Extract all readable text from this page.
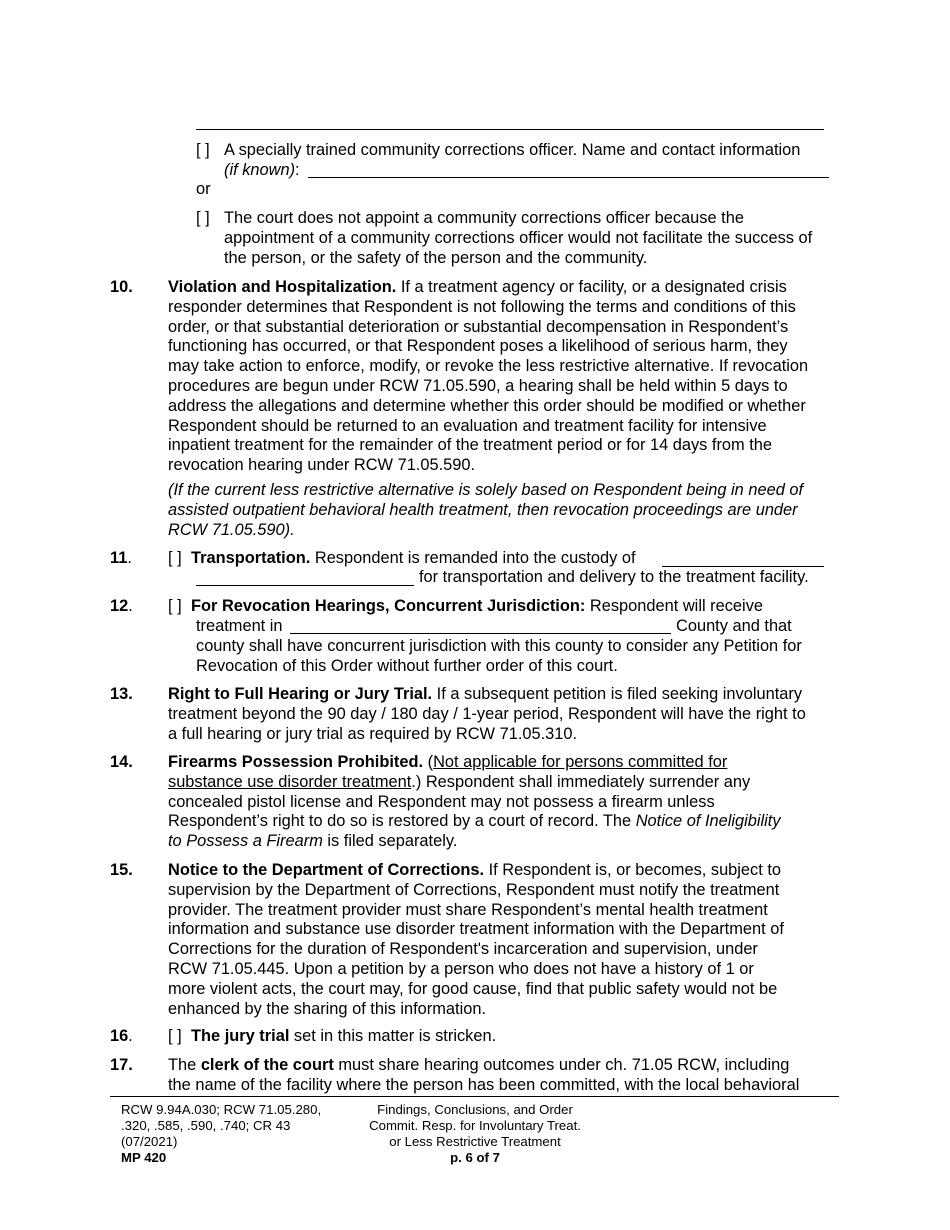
[ ] A specially trained community corrections officer. Name and contact information
(if known):
or
[ ] The court does not appoint a community corrections officer because the
appointment of a community corrections officer would not facilitate the success of
the person, or the safety of the person and the community.
10. Violation and Hospitalization. If a treatment agency or facility, or a designated crisis
responder determines that Respondent is not following the terms and conditions of this
order, or that substantial deterioration or substantial decompensation in Respondent’s
functioning has occurred, or that Respondent poses a likelihood of serious harm, they
may take action to enforce, modify, or revoke the less restrictive alternative. If revocation
procedures are begun under RCW 71.05.590, a hearing shall be held within 5 days to
address the allegations and determine whether this order should be modified or whether
Respondent should be returned to an evaluation and treatment facility for intensive
inpatient treatment for the remainder of the treatment period or for 14 days from the
revocation hearing under RCW 71.05.590.
(If the current less restrictive alternative is solely based on Respondent being in need of
assisted outpatient behavioral health treatment, then revocation proceedings are under
RCW 71.05.590).
11. [ ] Transportation. Respondent is remanded into the custody of
for transportation and delivery to the treatment facility.
12. [ ] For Revocation Hearings, Concurrent Jurisdiction: Respondent will receive
treatment in	County and that
county shall have concurrent jurisdiction with this county to consider any Petition for
Revocation of this Order without further order of this court.
13. Right to Full Hearing or Jury Trial. If a subsequent petition is filed seeking involuntary
treatment beyond the 90 day / 180 day / 1-year period, Respondent will have the right to
a full hearing or jury trial as required by RCW 71.05.310.
14. Firearms Possession Prohibited. (Not applicable for persons committed for
substance use disorder treatment.) Respondent shall immediately surrender any
concealed pistol license and Respondent may not possess a firearm unless
Respondent’s right to do so is restored by a court of record. The Notice of Ineligibility
to Possess a Firearm is filed separately.
15. Notice to the Department of Corrections. If Respondent is, or becomes, subject to
supervision by the Department of Corrections, Respondent must notify the treatment
provider. The treatment provider must share Respondent’s mental health treatment
information and substance use disorder treatment information with the Department of
Corrections for the duration of Respondent's incarceration and supervision, under
RCW 71.05.445. Upon a petition by a person who does not have a history of 1 or
more violent acts, the court may, for good cause, find that public safety would not be
enhanced by the sharing of this information.
16. [ ] The jury trial set in this matter is stricken.
17. The clerk of the court must share hearing outcomes under ch. 71.05 RCW, including
the name of the facility where the person has been committed, with the local behavioral
RCW 9.94A.030; RCW 71.05.280,
.320, .585, .590, .740; CR 43
(07/2021)
MP 420
Findings, Conclusions, and Order
Commit. Resp. for Involuntary Treat.
or Less Restrictive Treatment
p. 6 of 7
